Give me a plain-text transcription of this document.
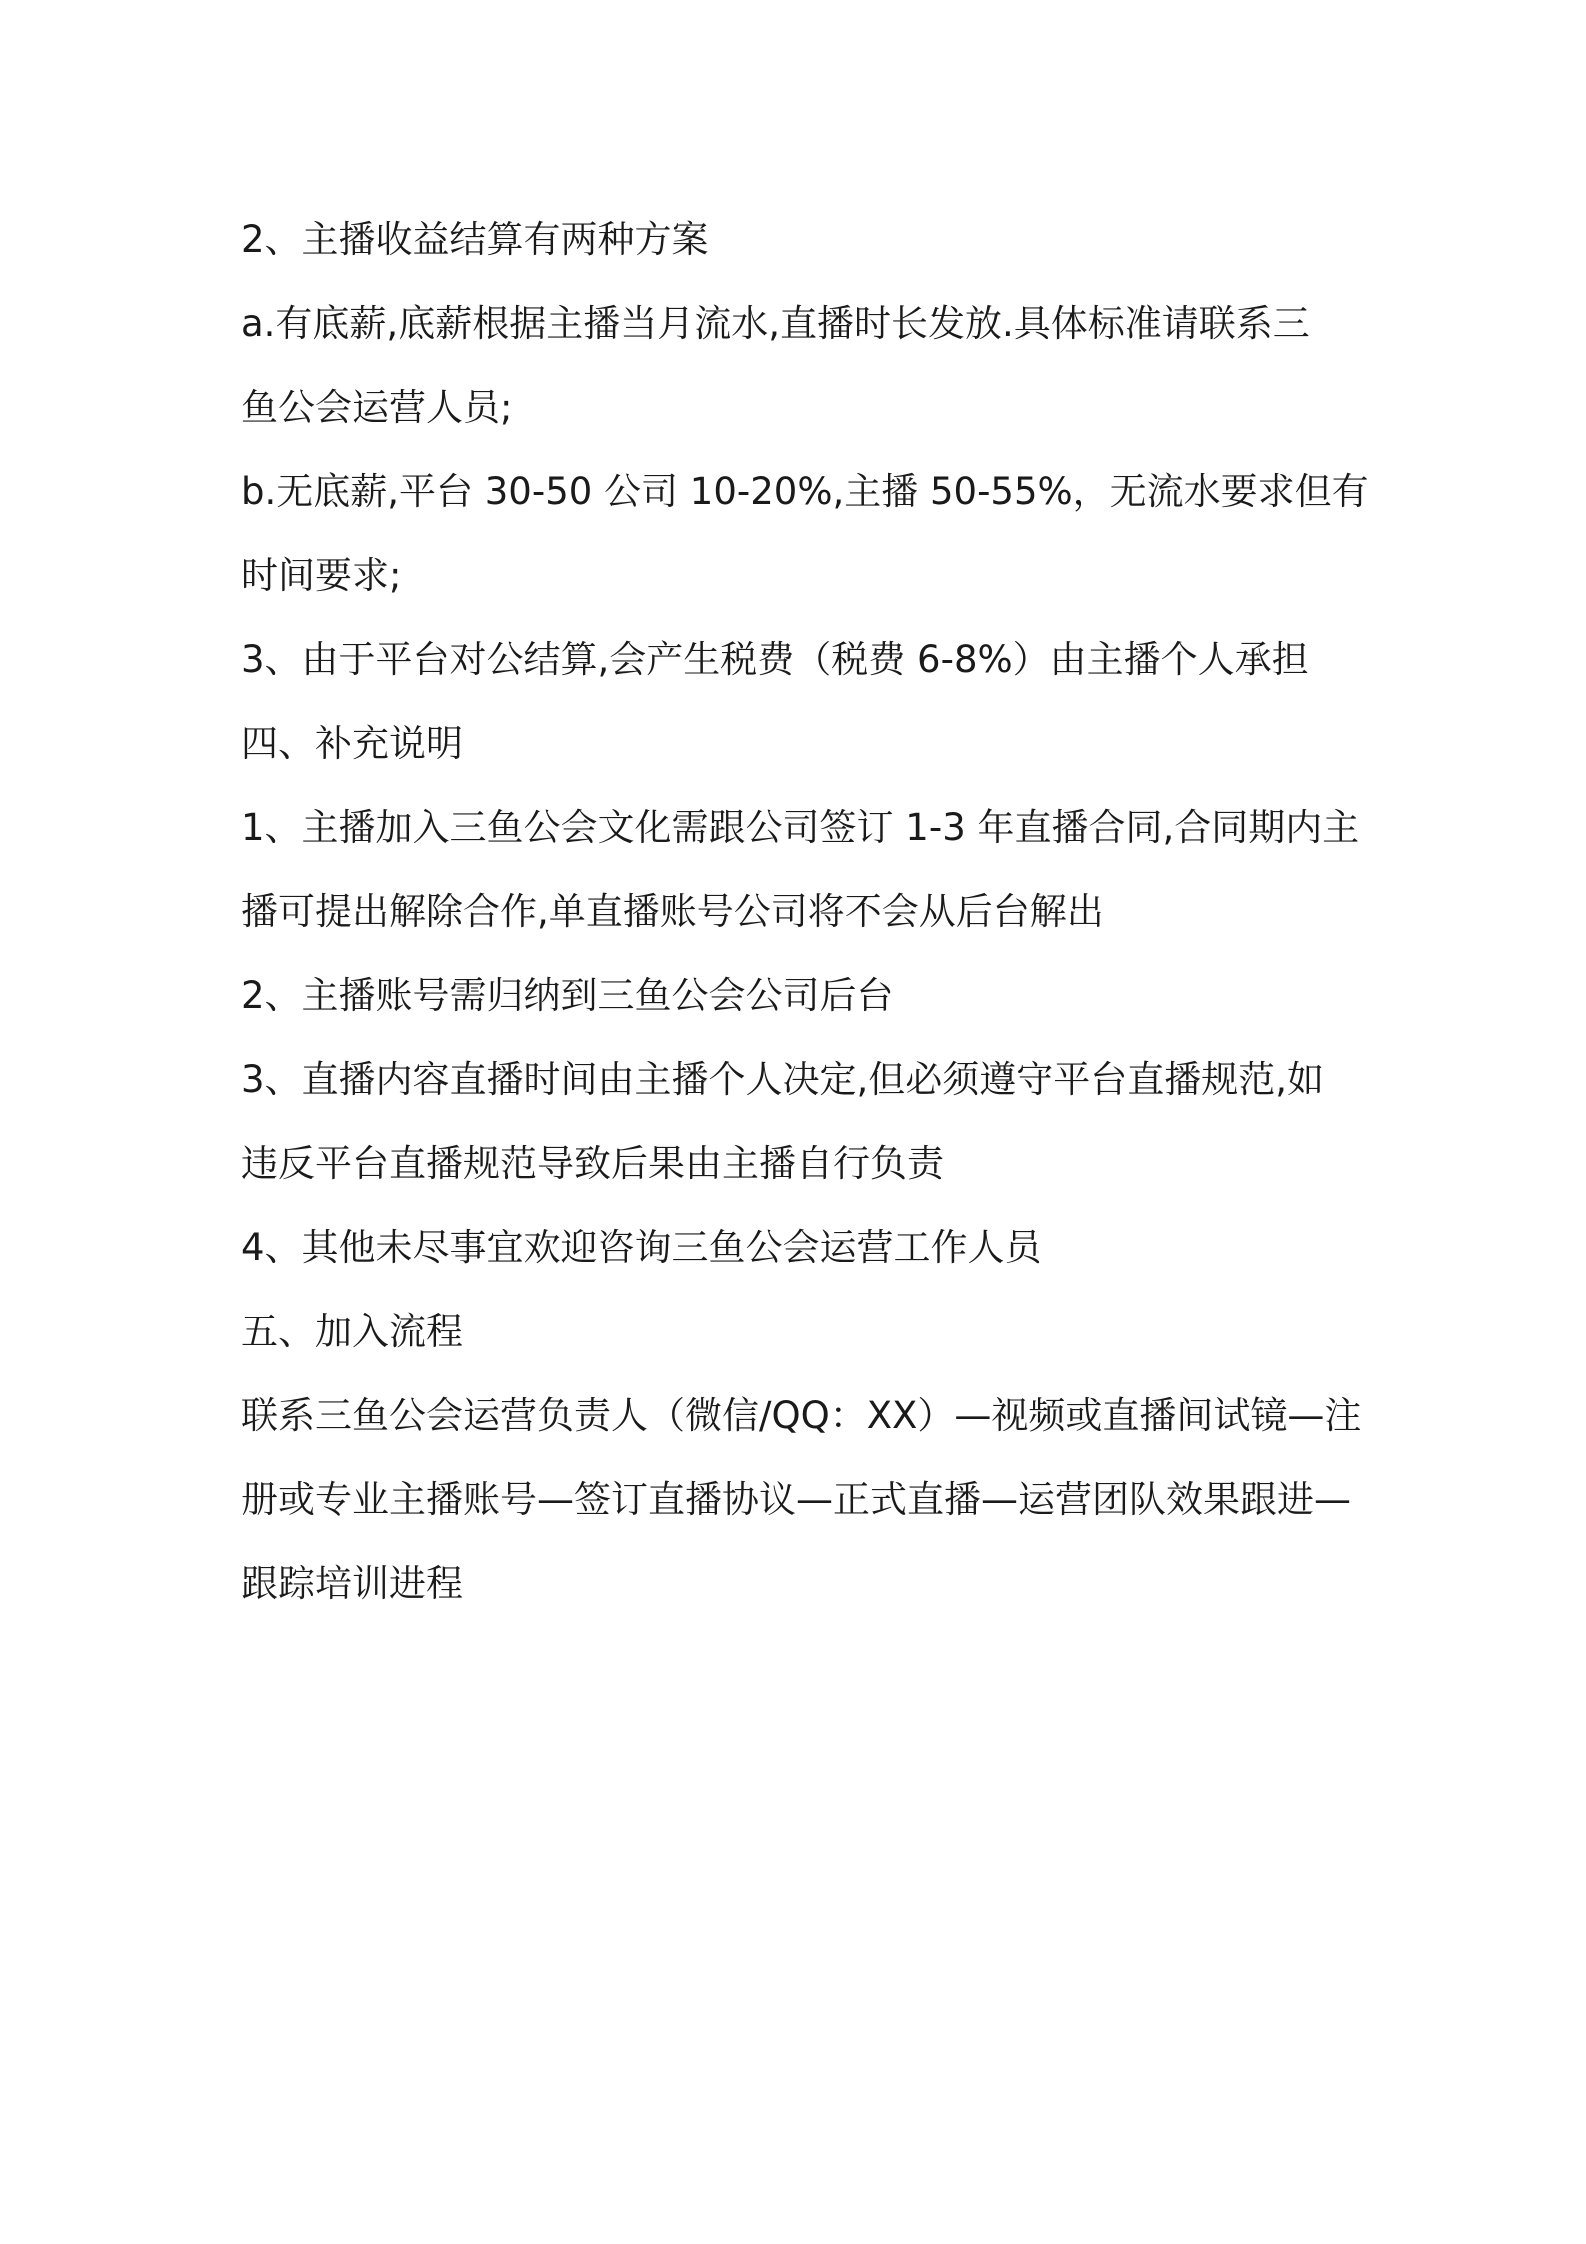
2、主播收益结算有两种方案

a.有底薪,底薪根据主播当月流水,直播时长发放.具体标准请联系三
鱼公会运营人员;

b.无底薪,平台 30-50 公司 10-20%,主播 50-55%，无流水要求但有
时间要求;

3、由于平台对公结算,会产生税费（税费 6-8%）由主播个人承担

四、补充说明

1、主播加入三鱼公会文化需跟公司签订 1-3 年直播合同,合同期内主
播可提出解除合作,单直播账号公司将不会从后台解出

2、主播账号需归纳到三鱼公会公司后台

3、直播内容直播时间由主播个人决定,但必须遵守平台直播规范,如
违反平台直播规范导致后果由主播自行负责

4、其他未尽事宜欢迎咨询三鱼公会运营工作人员

五、加入流程

联系三鱼公会运营负责人（微信/QQ：XX）—视频或直播间试镜—注
册或专业主播账号—签订直播协议—正式直播—运营团队效果跟进—
跟踪培训进程
